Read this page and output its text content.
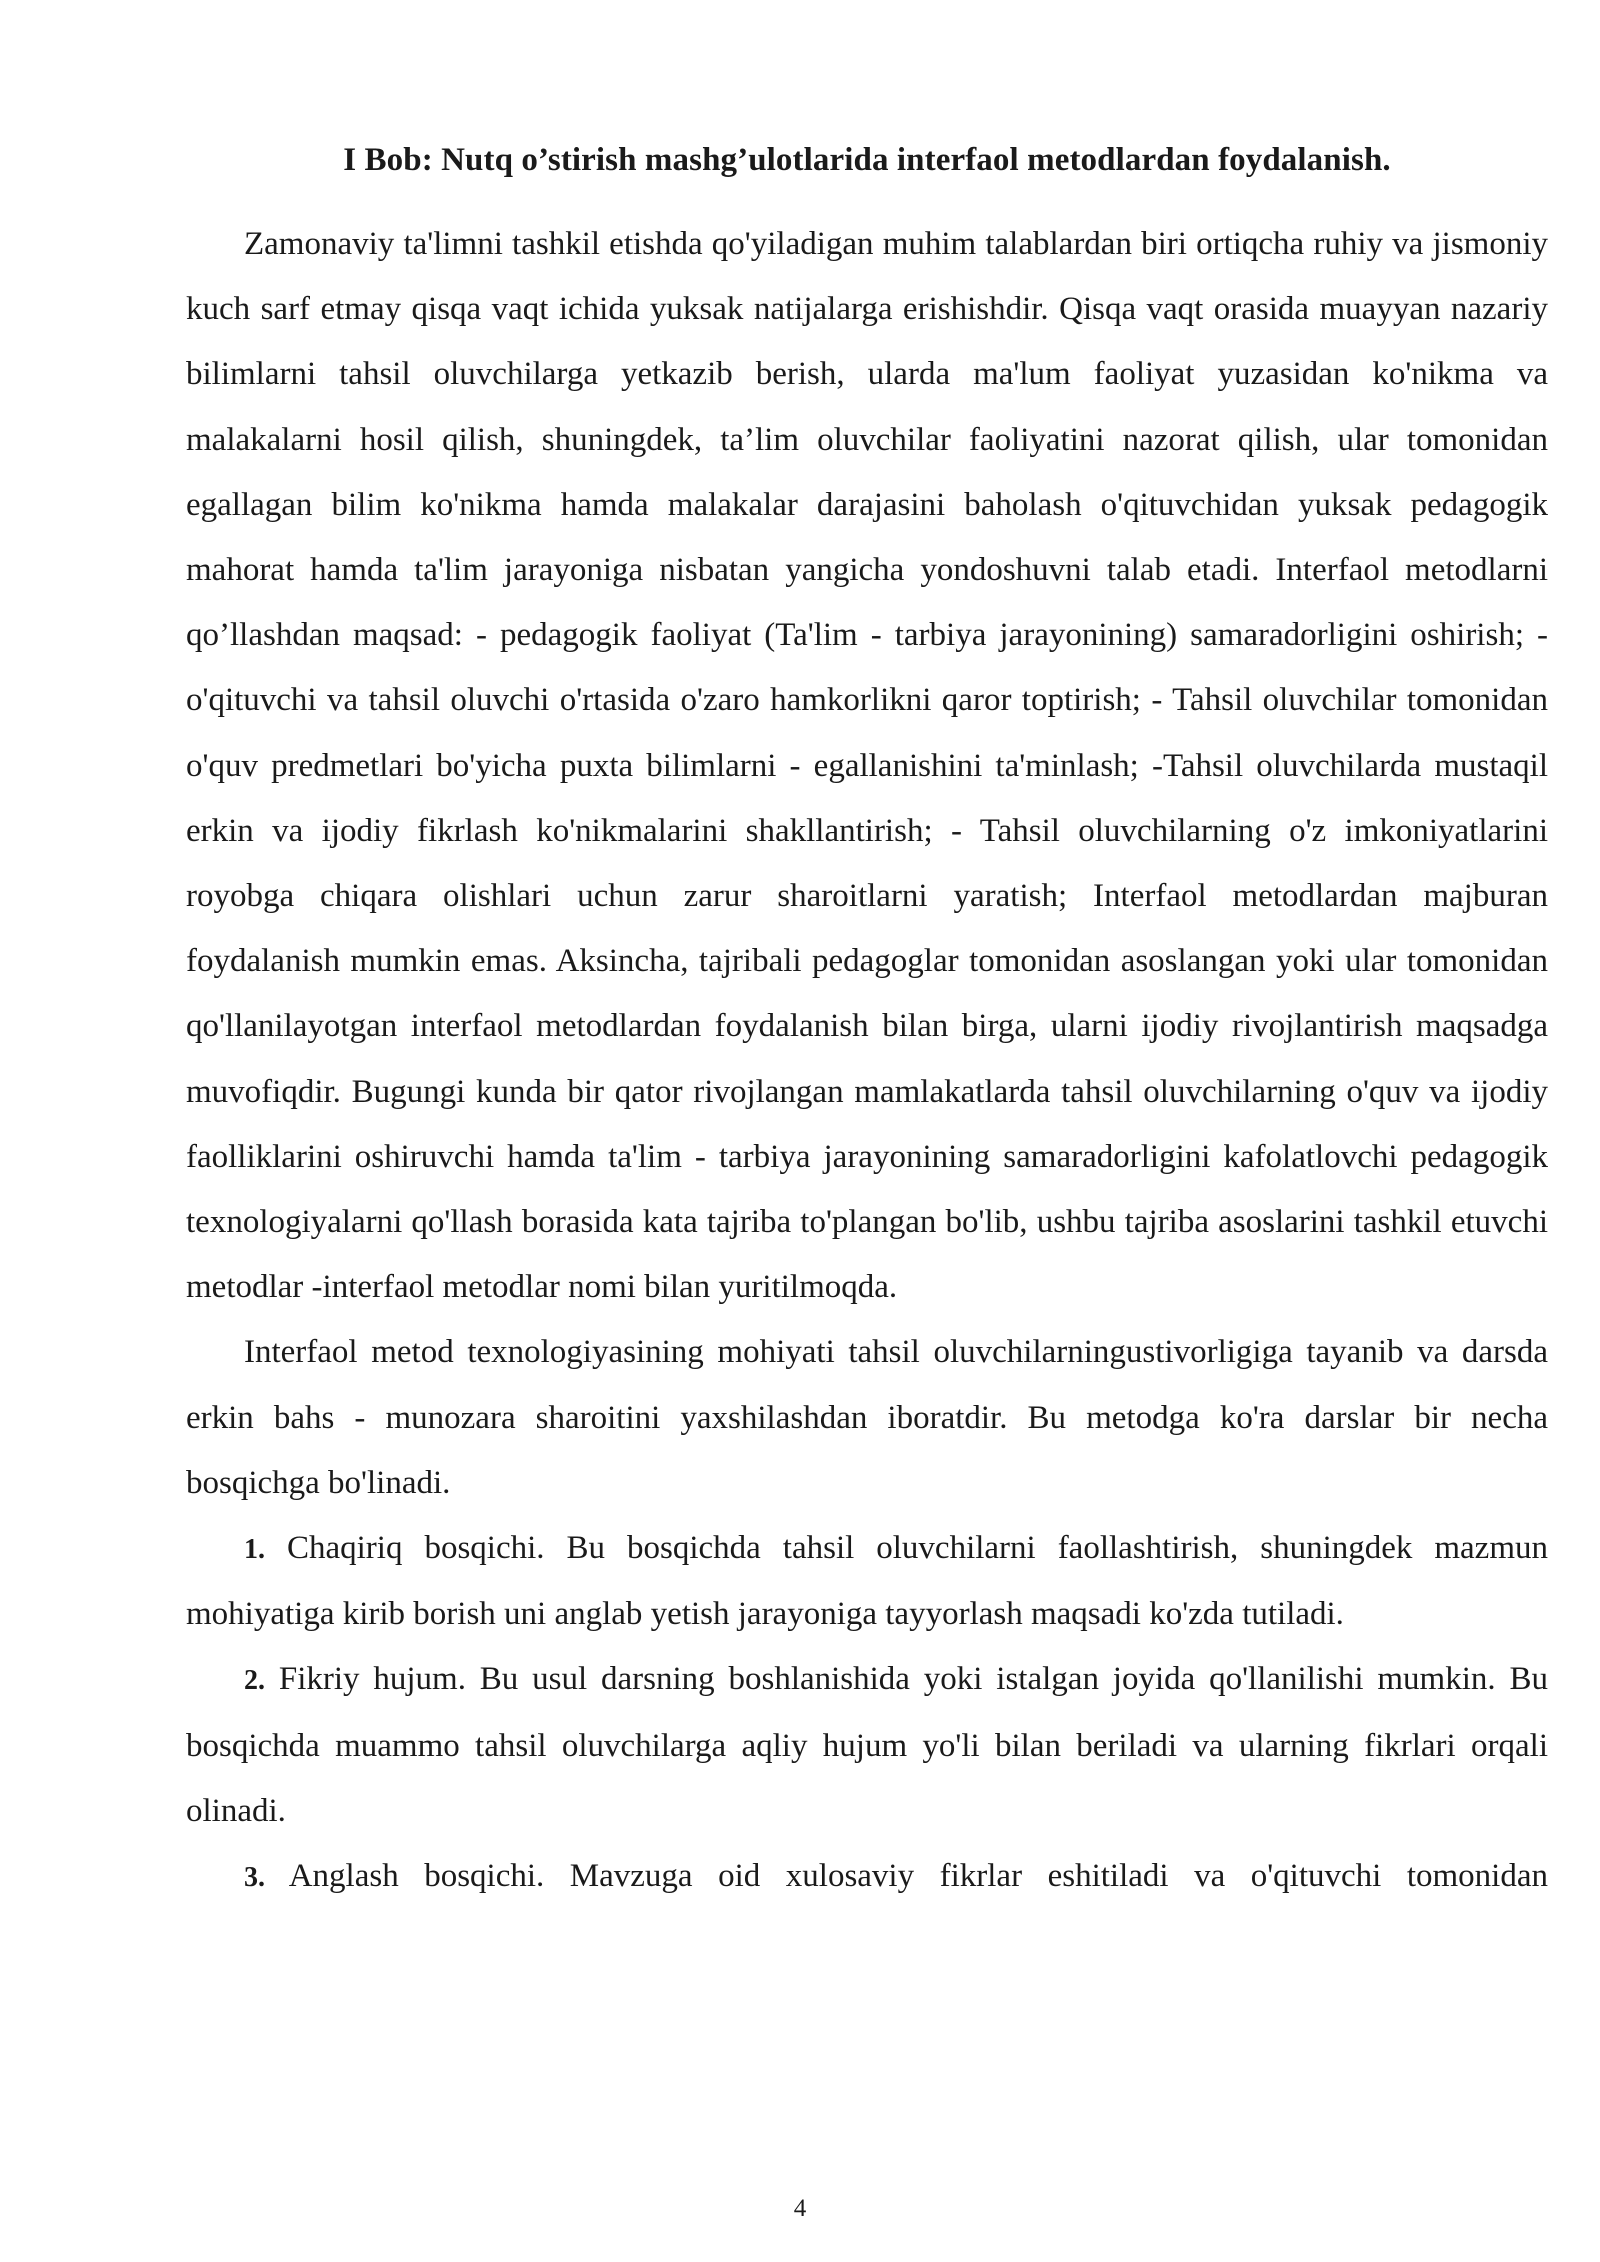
I Bob: Nutq o’stirish mashg’ulotlarida interfaol metodlardan foydalanish.

Zamonaviy ta'limni tashkil etishda qo'yiladigan muhim talablardan biri ortiqcha ruhiy va jismoniy kuch sarf etmay qisqa vaqt ichida yuksak natijalarga erishishdir. Qisqa vaqt orasida muayyan nazariy bilimlarni tahsil oluvchilarga yetkazib berish, ularda ma'lum faoliyat yuzasidan ko'nikma va malakalarni hosil qilish, shuningdek, ta’lim oluvchilar faoliyatini nazorat qilish, ular tomonidan egallagan bilim ko'nikma hamda malakalar darajasini baholash o'qituvchidan yuksak pedagogik mahorat hamda ta'lim jarayoniga nisbatan yangicha yondoshuvni talab etadi. Interfaol metodlarni qo’llashdan maqsad: - pedagogik faoliyat (Ta'lim - tarbiya jarayonining) samaradorligini oshirish; - o'qituvchi va tahsil oluvchi o'rtasida o'zaro hamkorlikni qaror toptirish; - Tahsil oluvchilar tomonidan o'quv predmetlari bo'yicha puxta bilimlarni - egallanishini ta'minlash; -Tahsil oluvchilarda mustaqil erkin va ijodiy fikrlash ko'nikmalarini shakllantirish; - Tahsil oluvchilarning o'z imkoniyatlarini royobga chiqara olishlari uchun zarur sharoitlarni yaratish; Interfaol metodlardan majburan foydalanish mumkin emas. Aksincha, tajribali pedagoglar tomonidan asoslangan yoki ular tomonidan qo'llanilayotgan interfaol metodlardan foydalanish bilan birga, ularni ijodiy rivojlantirish maqsadga muvofiqdir. Bugungi kunda bir qator rivojlangan mamlakatlarda tahsil oluvchilarning o'quv va ijodiy faolliklarini oshiruvchi hamda ta'lim - tarbiya jarayonining samaradorligini kafolatlovchi pedagogik texnologiyalarni qo'llash borasida kata tajriba to'plangan bo'lib, ushbu tajriba asoslarini tashkil etuvchi metodlar -interfaol metodlar nomi bilan yuritilmoqda.

Interfaol metod texnologiyasining mohiyati tahsil oluvchilarningustivorligiga tayanib va darsda erkin bahs - munozara sharoitini yaxshilashdan iboratdir. Bu metodga ko'ra darslar bir necha bosqichga bo'linadi.

1. Chaqiriq bosqichi. Bu bosqichda tahsil oluvchilarni faollashtirish, shuningdek mazmun mohiyatiga kirib borish uni anglab yetish jarayoniga tayyorlash maqsadi ko'zda tutiladi.

2. Fikriy hujum. Bu usul darsning boshlanishida yoki istalgan joyida qo'llanilishi mumkin. Bu bosqichda muammo tahsil oluvchilarga aqliy hujum yo'li bilan beriladi va ularning fikrlari orqali olinadi.

3. Anglash bosqichi. Mavzuga oid xulosaviy fikrlar eshitiladi va o'qituvchi tomonidan

4
